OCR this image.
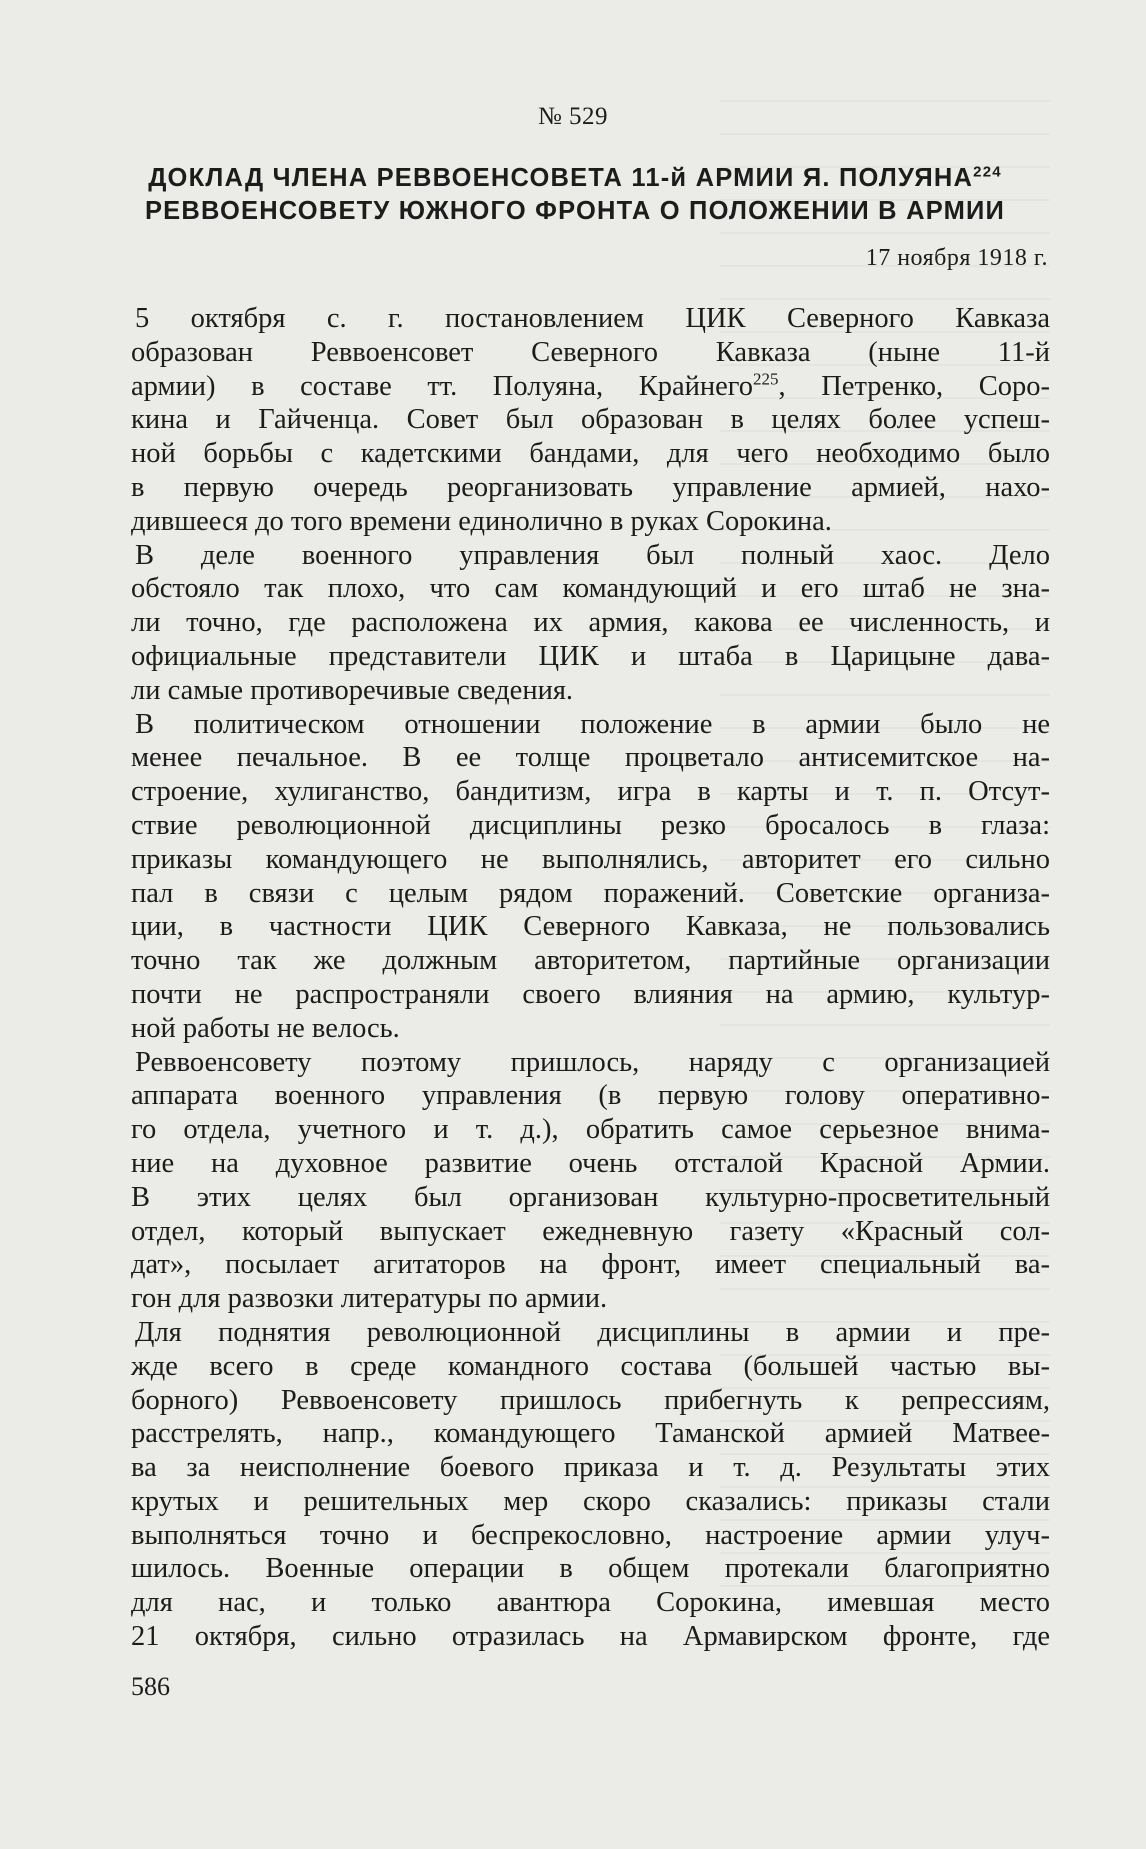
№ 529
ДОКЛАД ЧЛЕНА РЕВВОЕНСОВЕТА 11-й АРМИИ Я. ПОЛУЯНА$^{224}$
РЕВВОЕНСОВЕТУ ЮЖНОГО ФРОНТА О ПОЛОЖЕНИИ В АРМИИ
17 ноября 1918 г.

5 октября с. г. постановлением ЦИК Северного Кавказа
образован Реввоенсовет Северного Кавказа (ныне 11-й
армии) в составе тт. Полуяна, Крайнего$^{225}$, Петренко, Соро-
кина и Гайченца. Совет был образован в целях более успеш-
ной борьбы с кадетскими бандами, для чего необходимо было
в первую очередь реорганизовать управление армией, нахо-
дившееся до того времени единолично в руках Сорокина.

В деле военного управления был полный хаос. Дело
обстояло так плохо, что сам командующий и его штаб не зна-
ли точно, где расположена их армия, какова ее численность, и
официальные представители ЦИК и штаба в Царицыне дава-
ли самые противоречивые сведения.

В политическом отношении положение в армии было не
менее печальное. В ее толще процветало антисемитское на-
строение, хулиганство, бандитизм, игра в карты и т. п. Отсут-
ствие революционной дисциплины резко бросалось в глаза:
приказы командующего не выполнялись, авторитет его сильно
пал в связи с целым рядом поражений. Советские организа-
ции, в частности ЦИК Северного Кавказа, не пользовались
точно так же должным авторитетом, партийные организации
почти не распространяли своего влияния на армию, культур-
ной работы не велось.

Реввоенсовету поэтому пришлось, наряду с организацией
аппарата военного управления (в первую голову оперативно-
го отдела, учетного и т. д.), обратить самое серьезное внима-
ние на духовное развитие очень отсталой Красной Армии.
В этих целях был организован культурно-просветительный
отдел, который выпускает ежедневную газету «Красный сол-
дат», посылает агитаторов на фронт, имеет специальный ва-
гон для развозки литературы по армии.

Для поднятия революционной дисциплины в армии и пре-
жде всего в среде командного состава (большей частью вы-
борного) Реввоенсовету пришлось прибегнуть к репрессиям,
расстрелять, напр., командующего Таманской армией Матвее-
ва за неисполнение боевого приказа и т. д. Результаты этих
крутых и решительных мер скоро сказались: приказы стали
выполняться точно и беспрекословно, настроение армии улуч-
шилось. Военные операции в общем протекали благоприятно
для нас, и только авантюра Сорокина, имевшая место
21 октября, сильно отразилась на Армавирском фронте, где

586
